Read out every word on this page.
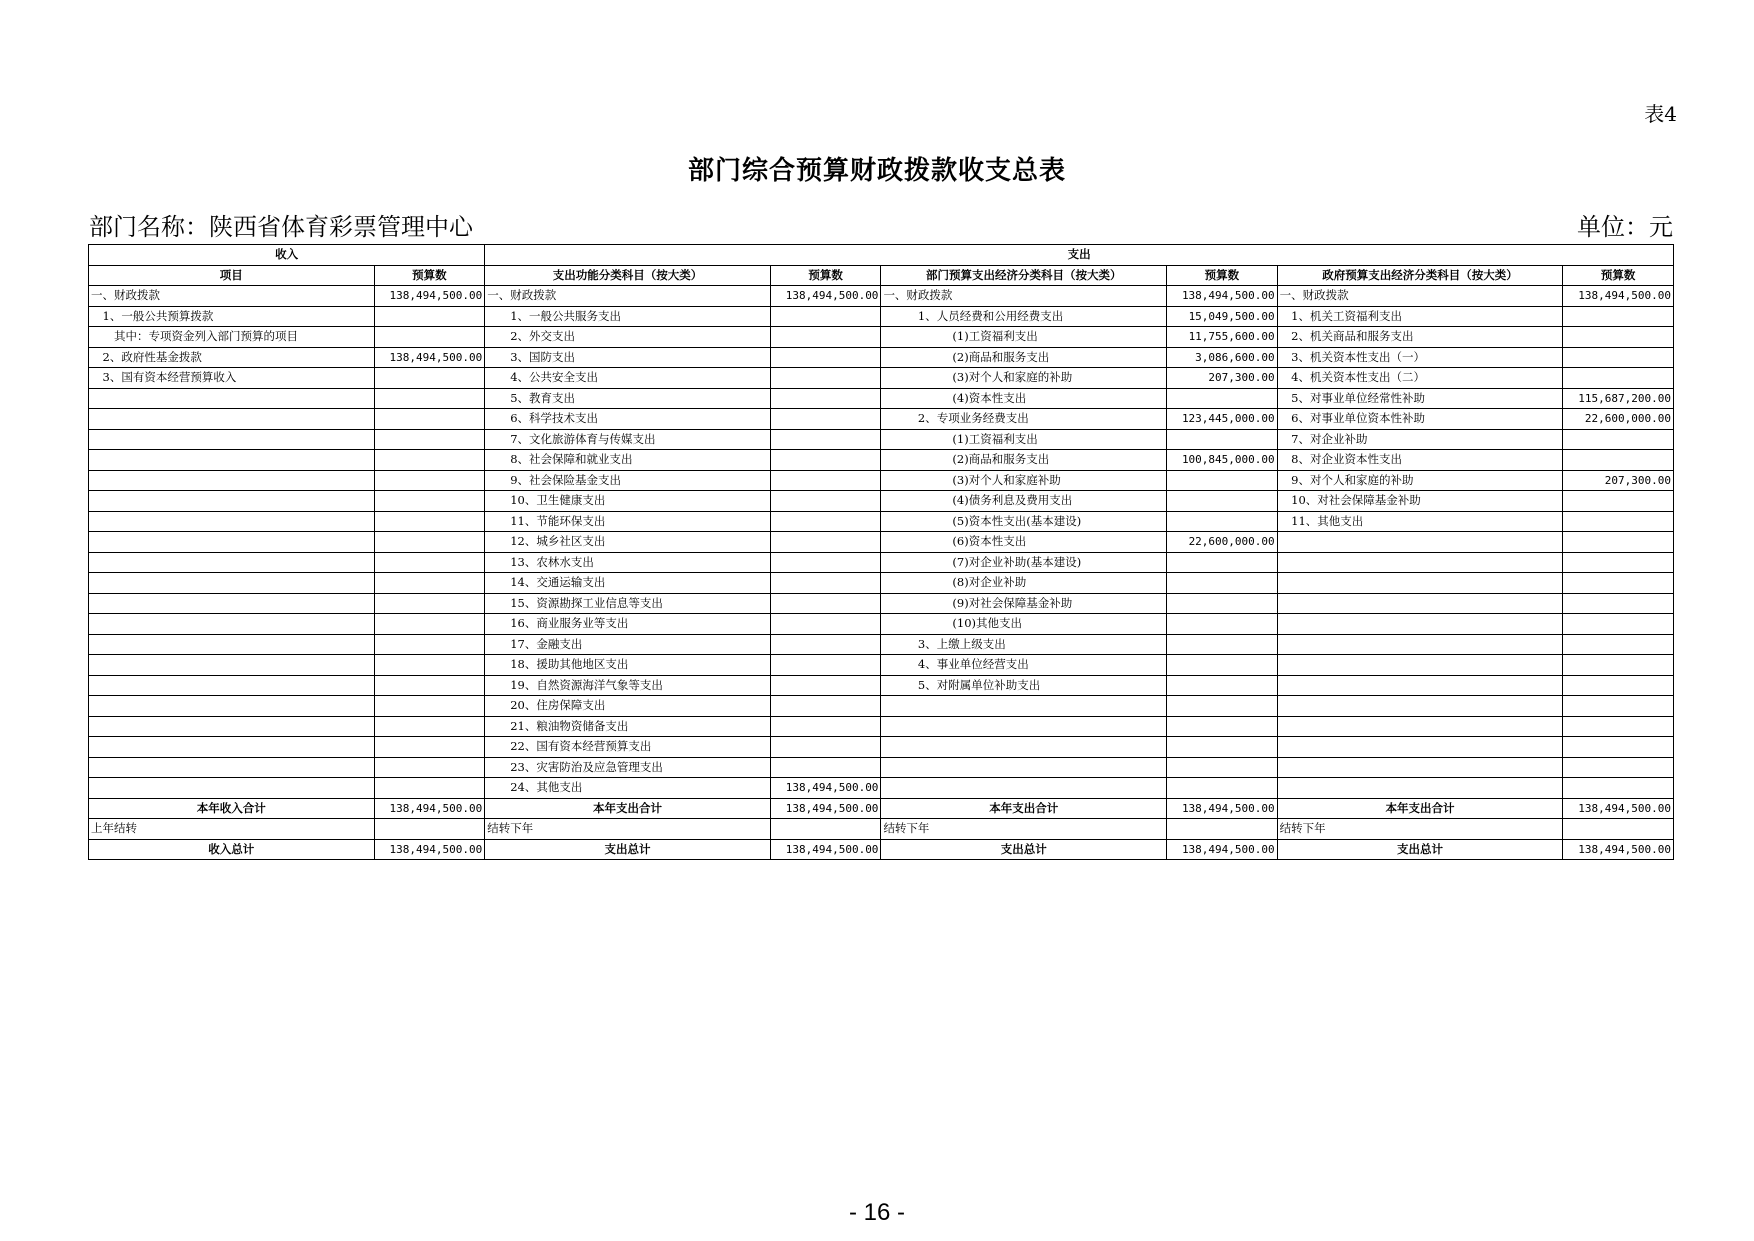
表4
部门综合预算财政拨款收支总表
部门名称：陕西省体育彩票管理中心	单位：元
收入		支出					
项目	预算数	支出功能分类科目（按大类）	预算数	部门预算支出经济分类科目（按大类）	预算数	政府预算支出经济分类科目（按大类）	预算数
一、财政拨款	138,494,500.00	一、财政拨款	138,494,500.00	一、财政拨款	138,494,500.00	一、财政拨款	138,494,500.00
　1、一般公共预算拨款		　　1、一般公共服务支出		　　　1、人员经费和公用经费支出	15,049,500.00	　1、机关工资福利支出	
　　其中：专项资金列入部门预算的项目		　　2、外交支出		　　　　　　(1)工资福利支出	11,755,600.00	　2、机关商品和服务支出	
　2、政府性基金拨款	138,494,500.00	　　3、国防支出		　　　　　　(2)商品和服务支出	3,086,600.00	　3、机关资本性支出（一）	
　3、国有资本经营预算收入		　　4、公共安全支出		　　　　　　(3)对个人和家庭的补助	207,300.00	　4、机关资本性支出（二）	
		　　5、教育支出		　　　　　　(4)资本性支出		　5、对事业单位经常性补助	115,687,200.00
		　　6、科学技术支出		　　　2、专项业务经费支出	123,445,000.00	　6、对事业单位资本性补助	22,600,000.00
		　　7、文化旅游体育与传媒支出		　　　　　　(1)工资福利支出		　7、对企业补助	
		　　8、社会保障和就业支出		　　　　　　(2)商品和服务支出	100,845,000.00	　8、对企业资本性支出	
		　　9、社会保险基金支出		　　　　　　(3)对个人和家庭补助		　9、对个人和家庭的补助	207,300.00
		　　10、卫生健康支出		　　　　　　(4)债务利息及费用支出		　10、对社会保障基金补助	
		　　11、节能环保支出		　　　　　　(5)资本性支出(基本建设)		　11、其他支出	
		　　12、城乡社区支出		　　　　　　(6)资本性支出	22,600,000.00		
		　　13、农林水支出		　　　　　　(7)对企业补助(基本建设)			
		　　14、交通运输支出		　　　　　　(8)对企业补助			
		　　15、资源勘探工业信息等支出		　　　　　　(9)对社会保障基金补助			
		　　16、商业服务业等支出		　　　　　　(10)其他支出			
		　　17、金融支出		　　　3、上缴上级支出			
		　　18、援助其他地区支出		　　　4、事业单位经营支出			
		　　19、自然资源海洋气象等支出		　　　5、对附属单位补助支出			
		　　20、住房保障支出					
		　　21、粮油物资储备支出					
		　　22、国有资本经营预算支出					
		　　23、灾害防治及应急管理支出					
		　　24、其他支出	138,494,500.00				
本年收入合计	138,494,500.00	本年支出合计	138,494,500.00	本年支出合计	138,494,500.00	本年支出合计	138,494,500.00
上年结转		结转下年		结转下年		结转下年	
收入总计	138,494,500.00	支出总计	138,494,500.00	支出总计	138,494,500.00	支出总计	138,494,500.00
- 16 -
